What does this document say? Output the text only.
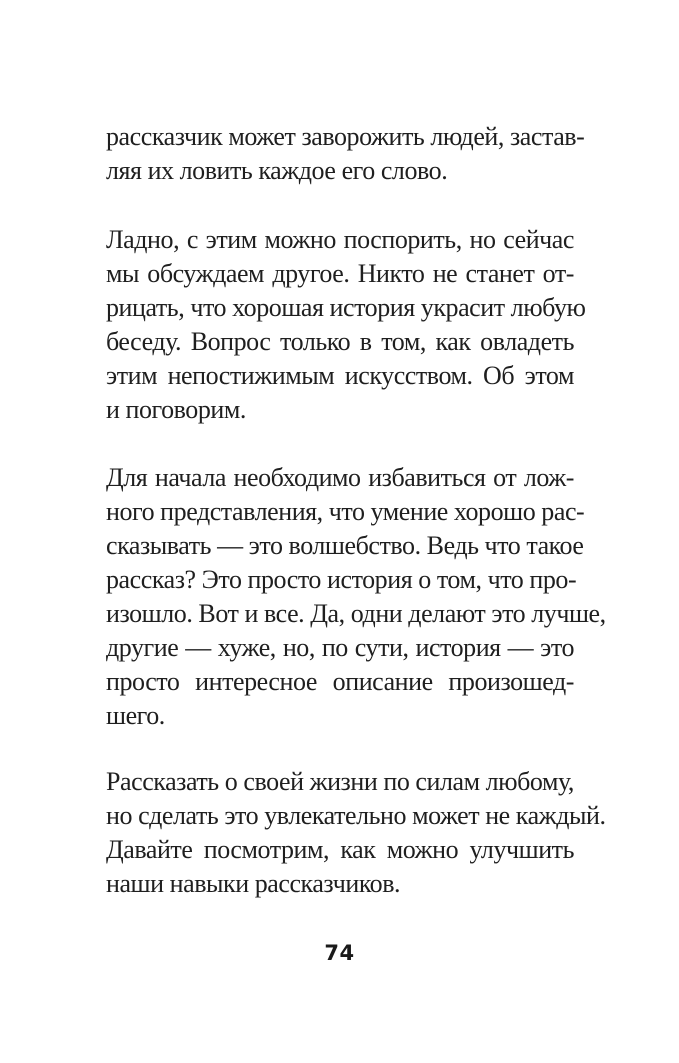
рассказчик может заворожить людей, застав-
ляя их ловить каждое его слово.
Ладно, с этим можно поспорить, но сейчас
мы обсуждаем другое. Никто не станет от-
рицать, что хорошая история украсит любую
беседу. Вопрос только в том, как овладеть
этим непостижимым искусством. Об этом
и поговорим.
Для начала необходимо избавиться от лож-
ного представления, что умение хорошо рас-
сказывать — это волшебство. Ведь что такое
рассказ? Это просто история о том, что про-
изошло. Вот и все. Да, одни делают это лучше,
другие — хуже, но, по сути, история — это
просто интересное описание произошед-
шего.
Рассказать о своей жизни по силам любому,
но сделать это увлекательно может не каждый.
Давайте посмотрим, как можно улучшить
наши навыки рассказчиков.
74
